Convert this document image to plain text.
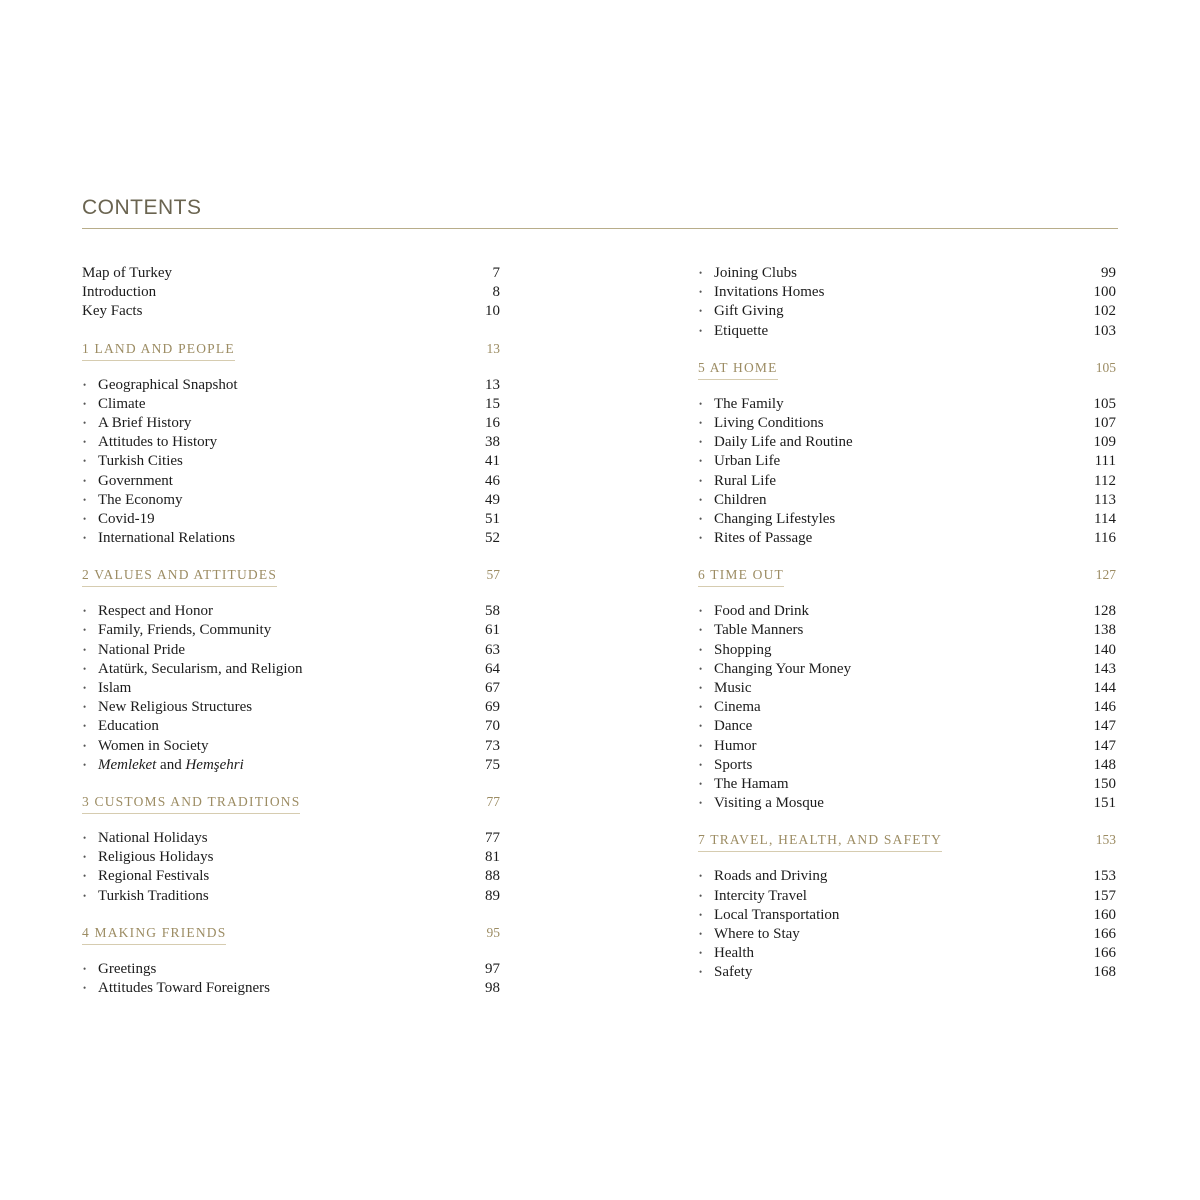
CONTENTS
Map of Turkey	7
Introduction	8
Key Facts	10
1 LAND AND PEOPLE	13
• Geographical Snapshot	13
• Climate	15
• A Brief History	16
• Attitudes to History	38
• Turkish Cities	41
• Government	46
• The Economy	49
• Covid-19	51
• International Relations	52
2 VALUES AND ATTITUDES	57
• Respect and Honor	58
• Family, Friends, Community	61
• National Pride	63
• Atatürk, Secularism, and Religion	64
• Islam	67
• New Religious Structures	69
• Education	70
• Women in Society	73
• Memleket and Hemşehri	75
3 CUSTOMS AND TRADITIONS	77
• National Holidays	77
• Religious Holidays	81
• Regional Festivals	88
• Turkish Traditions	89
4 MAKING FRIENDS	95
• Greetings	97
• Attitudes Toward Foreigners	98
• Joining Clubs	99
• Invitations Homes	100
• Gift Giving	102
• Etiquette	103
5 AT HOME	105
• The Family	105
• Living Conditions	107
• Daily Life and Routine	109
• Urban Life	111
• Rural Life	112
• Children	113
• Changing Lifestyles	114
• Rites of Passage	116
6 TIME OUT	127
• Food and Drink	128
• Table Manners	138
• Shopping	140
• Changing Your Money	143
• Music	144
• Cinema	146
• Dance	147
• Humor	147
• Sports	148
• The Hamam	150
• Visiting a Mosque	151
7 TRAVEL, HEALTH, AND SAFETY	153
• Roads and Driving	153
• Intercity Travel	157
• Local Transportation	160
• Where to Stay	166
• Health	166
• Safety	168
